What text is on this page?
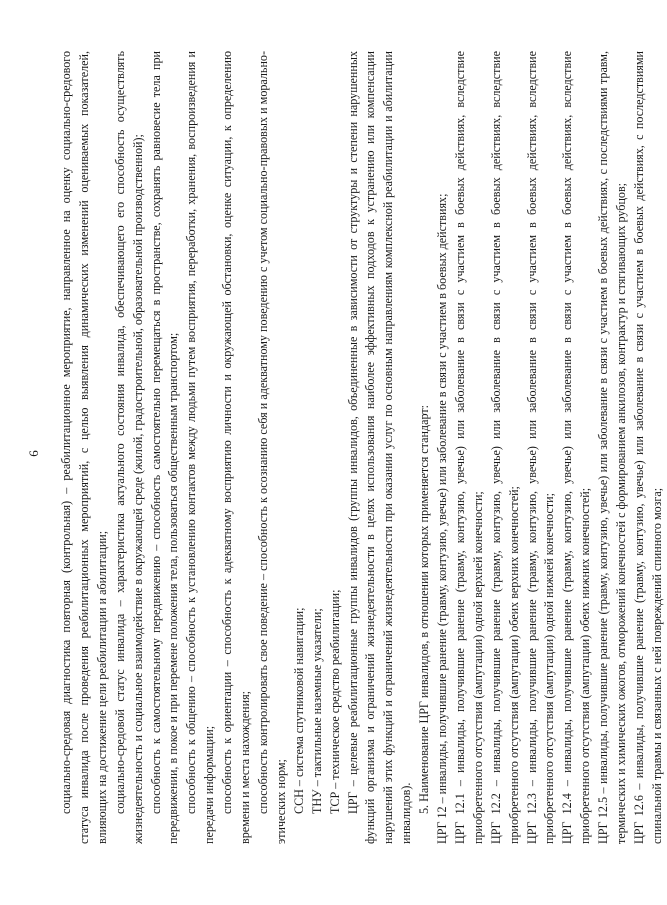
6 социально-средовая диагностика повторная (контрольная) – реабилитационное мероприятие, направленное на оценку социально-средового статуса инвалида после проведения реабилитационных мероприятий, с целью выявления динамических изменений оцениваемых показателей, влияющих на достижение цели реабилитации и абилитации; социально-средовой статус инвалида – характеристика актуального состояния инвалида, обеспечивающего его способность осуществлять жизнедеятельность и социальное взаимодействие в окружающей среде (жилой, градостроительной, образовательной производственной); способность к самостоятельному передвижению – способность самостоятельно перемещаться в пространстве, сохранять равновесие тела при передвижении, в покое и при перемене положения тела, пользоваться общественным транспортом; способность к общению – способность к установлению контактов между людьми путем восприятия, переработки, хранения, воспроизведения и передачи информации; способность к ориентации – способность к адекватному восприятию личности и окружающей обстановки, оценке ситуации, к определению времени и места нахождения; способность контролировать свое поведение – способность к осознанию себя и адекватному поведению с учетом социально-правовых и морально-этических норм; ССН – система спутниковой навигации; ТНУ – тактильные наземные указатели; ТСР – техническое средство реабилитации; ЦРГ – целевые реабилитационные группы инвалидов (группы инвалидов, объединенные в зависимости от структуры и степени нарушенных функций организма и ограничений жизнедеятельности в целях использования наиболее эффективных подходов к устранению или компенсации нарушений этих функций и ограничений жизнедеятельности при оказании услуг по основным направлениям комплексной реабилитации и абилитации инвалидов). 5. Наименование ЦРГ инвалидов, в отношении которых применяется стандарт: ЦРГ 12 – инвалиды, получившие ранение (травму, контузию, увечье) или заболевание в связи с участием в боевых действиях; ЦРГ 12.1 – инвалиды, получившие ранение (травму, контузию, увечье) или заболевание в связи с участием в боевых действиях, вследствие приобретенного отсутствия (ампутации) одной верхней конечности; ЦРГ 12.2 – инвалиды, получившие ранение (травму, контузию, увечье) или заболевание в связи с участием в боевых действиях, вследствие приобретенного отсутствия (ампутации) обеих верхних конечностей; ЦРГ 12.3 – инвалиды, получившие ранение (травму, контузию, увечье) или заболевание в связи с участием в боевых действиях, вследствие приобретенного отсутствия (ампутации) одной нижней конечности; ЦРГ 12.4 – инвалиды, получившие ранение (травму, контузию, увечье) или заболевание в связи с участием в боевых действиях, вследствие приобретенного отсутствия (ампутации) обеих нижних конечностей; ЦРГ 12.5 – инвалиды, получившие ранение (травму, контузию, увечье) или заболевание в связи с участием в боевых действиях, с последствиями травм, термических и химических ожогов, отморожений конечностей с формированием анкилозов, контрактур и стягивающих рубцов; ЦРГ 12.6 – инвалиды, получившие ранение (травму, контузию, увечье) или заболевание в связи с участием в боевых действиях, с последствиями спинальной травмы и связанных с ней повреждений спинного мозга;
